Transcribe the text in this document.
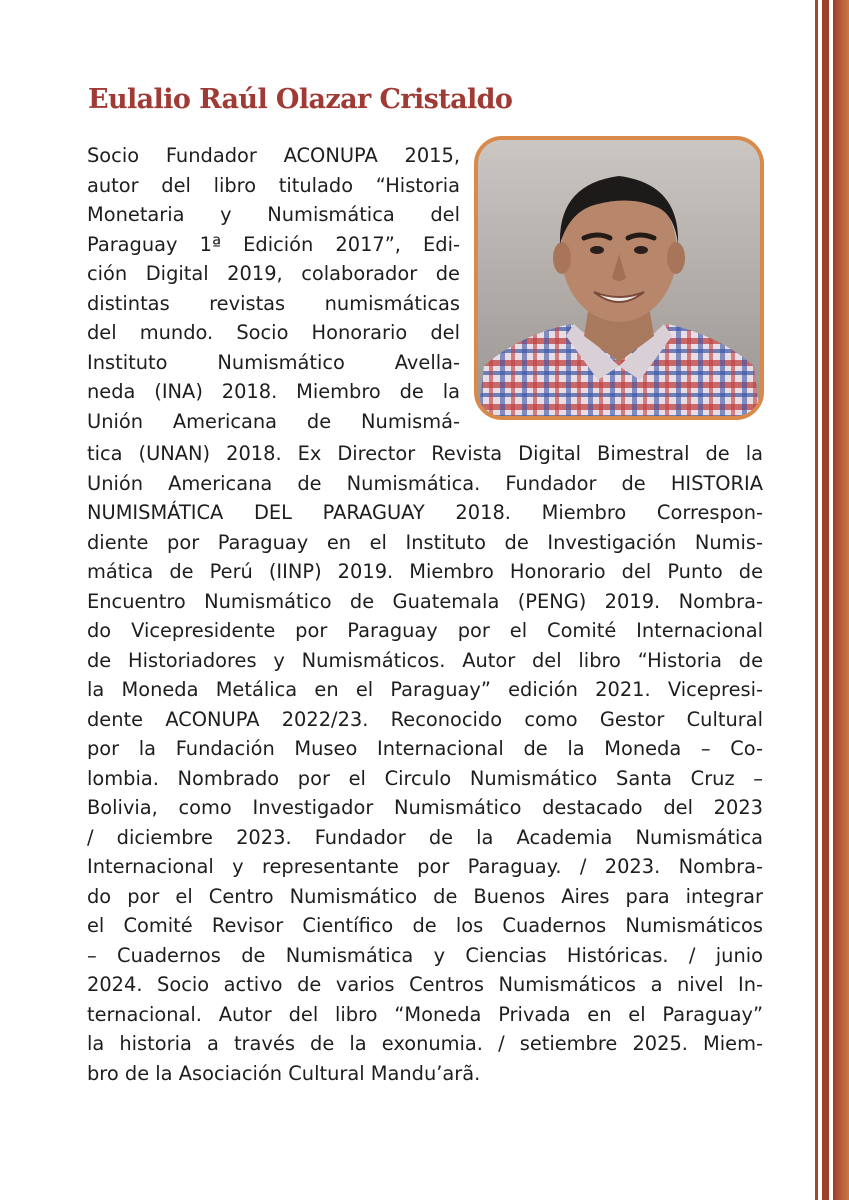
Eulalio Raúl Olazar Cristaldo
Socio Fundador ACONUPA 2015,
autor del libro titulado “Historia
Monetaria y Numismática del
Paraguay 1ª Edición 2017”, Edi-
ción Digital 2019, colaborador de
distintas revistas numismáticas
del mundo. Socio Honorario del
Instituto Numismático Avella-
neda (INA) 2018. Miembro de la
Unión Americana de Numismá-
tica (UNAN) 2018. Ex Director Revista Digital Bimestral de la
Unión Americana de Numismática. Fundador de HISTORIA
NUMISMÁTICA DEL PARAGUAY 2018. Miembro Correspon-
diente por Paraguay en el Instituto de Investigación Numis-
mática de Perú (IINP) 2019. Miembro Honorario del Punto de
Encuentro Numismático de Guatemala (PENG) 2019. Nombra-
do Vicepresidente por Paraguay por el Comité Internacional
de Historiadores y Numismáticos. Autor del libro “Historia de
la Moneda Metálica en el Paraguay” edición 2021. Vicepresi-
dente ACONUPA 2022/23. Reconocido como Gestor Cultural
por la Fundación Museo Internacional de la Moneda – Co-
lombia. Nombrado por el Circulo Numismático Santa Cruz –
Bolivia, como Investigador Numismático destacado del 2023
/ diciembre 2023. Fundador de la Academia Numismática
Internacional y representante por Paraguay. / 2023. Nombra-
do por el Centro Numismático de Buenos Aires para integrar
el Comité Revisor Científico de los Cuadernos Numismáticos
– Cuadernos de Numismática y Ciencias Históricas. / junio
2024. Socio activo de varios Centros Numismáticos a nivel In-
ternacional. Autor del libro “Moneda Privada en el Paraguay”
la historia a través de la exonumia. / setiembre 2025. Miem-
bro de la Asociación Cultural Mandu’arã.
